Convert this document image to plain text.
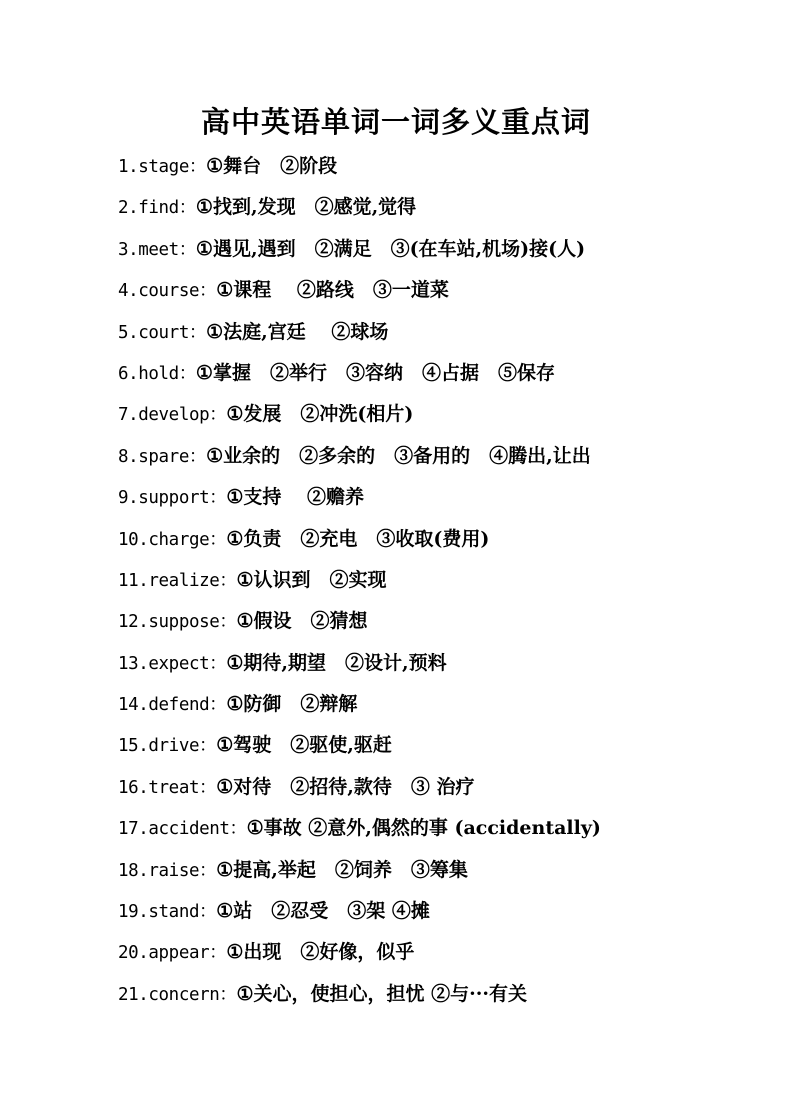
高中英语单词一词多义重点词
1.stage：①舞台　②阶段
2.find：①找到,发现　②感觉,觉得
3.meet：①遇见,遇到　②满足　③(在车站,机场)接(人)
4.course：①课程　 ②路线　③一道菜
5.court：①法庭,宫廷　 ②球场
6.hold：①掌握　②举行　③容纳　④占据　⑤保存
7.develop：①发展　②冲洗(相片)
8.spare：①业余的　②多余的　③备用的　④腾出,让出
9.support：①支持　 ②赡养
10.charge：①负责　②充电　③收取(费用)
11.realize：①认识到　②实现
12.suppose：①假设　②猜想
13.expect：①期待,期望　②设计,预料
14.defend：①防御　②辩解
15.drive：①驾驶　②驱使,驱赶
16.treat：①对待　②招待,款待　③ 治疗
17.accident：①事故 ②意外,偶然的事 (accidentally)
18.raise：①提高,举起　②饲养　③筹集
19.stand：①站　②忍受　③架 ④摊
20.appear：①出现　②好像，似乎
21.concern：①关心，使担心，担忧 ②与···有关
